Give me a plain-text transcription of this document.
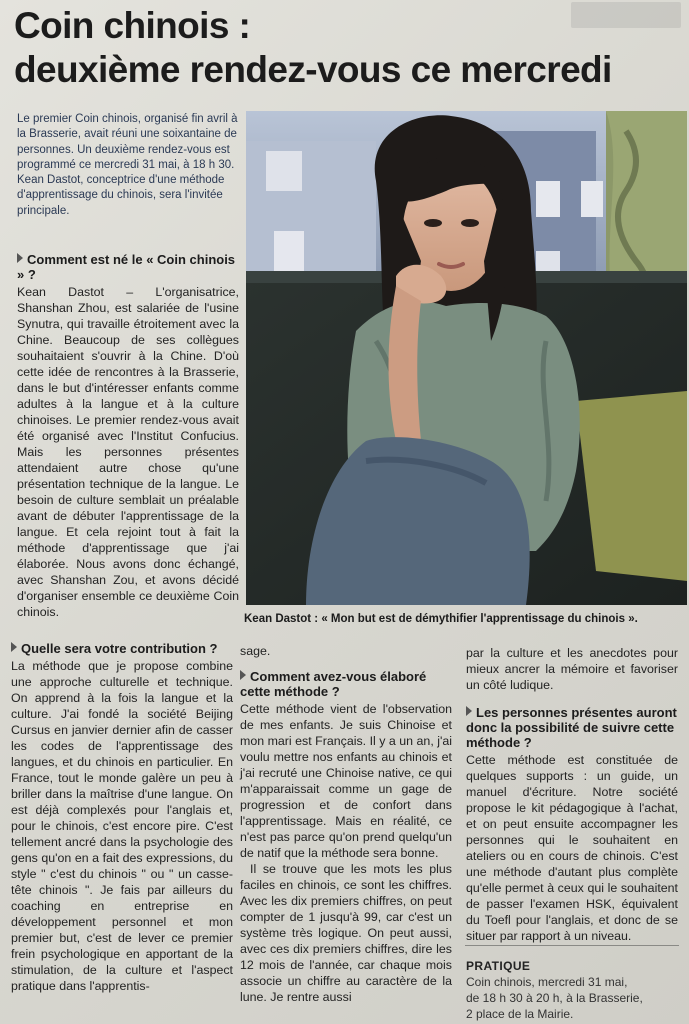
Coin chinois :
deuxième rendez-vous ce mercredi

Le premier Coin chinois, organisé fin avril à la Brasserie, avait réuni une soixantaine de personnes. Un deuxième rendez-vous est programmé ce mercredi 31 mai, à 18 h 30. Kean Dastot, conceptrice d'une méthode d'apprentissage du chinois, sera l'invitée principale.

Comment est né le « Coin chinois » ?

Kean Dastot – L'organisatrice, Shanshan Zhou, est salariée de l'usine Synutra, qui travaille étroitement avec la Chine. Beaucoup de ses collègues souhaitaient s'ouvrir à la Chine. D'où cette idée de rencontres à la Brasserie, dans le but d'intéresser enfants comme adultes à la langue et à la culture chinoises. Le premier rendez-vous avait été organisé avec l'Institut Confucius. Mais les personnes présentes attendaient autre chose qu'une présentation technique de la langue. Le besoin de culture semblait un préalable avant de débuter l'apprentissage de la langue. Et cela rejoint tout à fait la méthode d'apprentissage que j'ai élaborée. Nous avons donc échangé, avec Shanshan Zou, et avons décidé d'organiser ensemble ce deuxième Coin chinois.	Kean Dastot : « Mon but est de démythifier l'apprentissage du chinois ».
Quelle sera votre contribution ?

La méthode que je propose combine une approche culturelle et technique. On apprend à la fois la langue et la culture. J'ai fondé la société Beijing Cursus en janvier dernier afin de casser les codes de l'apprentissage des langues, et du chinois en particulier. En France, tout le monde galère un peu à briller dans la maîtrise d'une langue. On est déjà complexés pour l'anglais et, pour le chinois, c'est encore pire. C'est tellement ancré dans la psychologie des gens qu'on en a fait des expressions, du style " c'est du chinois " ou " un casse-tête chinois ". Je fais par ailleurs du coaching en entreprise en développement personnel et mon premier but, c'est de lever ce premier frein psychologique en apportant de la stimulation, de la culture et l'aspect pratique dans l'apprentis-

sage.

Comment avez-vous élaboré cette méthode ?

Cette méthode vient de l'observation de mes enfants. Je suis Chinoise et mon mari est Français. Il y a un an, j'ai voulu mettre nos enfants au chinois et j'ai recruté une Chinoise native, ce qui m'apparaissait comme un gage de progression et de confort dans l'apprentissage. Mais en réalité, ce n'est pas parce qu'on prend quelqu'un de natif que la méthode sera bonne.

Il se trouve que les mots les plus faciles en chinois, ce sont les chiffres. Avec les dix premiers chiffres, on peut compter de 1 jusqu'à 99, car c'est un système très logique. On peut aussi, avec ces dix premiers chiffres, dire les 12 mois de l'année, car chaque mois associe un chiffre au caractère de la lune. Je rentre aussi

par la culture et les anecdotes pour mieux ancrer la mémoire et favoriser un côté ludique.

Les personnes présentes auront donc la possibilité de suivre cette méthode ?

Cette méthode est constituée de quelques supports : un guide, un manuel d'écriture. Notre société propose le kit pédagogique à l'achat, et on peut ensuite accompagner les personnes qui le souhaitent en ateliers ou en cours de chinois. C'est une méthode d'autant plus complète qu'elle permet à ceux qui le souhaitent de passer l'examen HSK, équivalent du Toefl pour l'anglais, et donc de se situer par rapport à un niveau.

PRATIQUE
Coin chinois, mercredi 31 mai,
de 18 h 30 à 20 h, à la Brasserie,
2 place de la Mairie.
